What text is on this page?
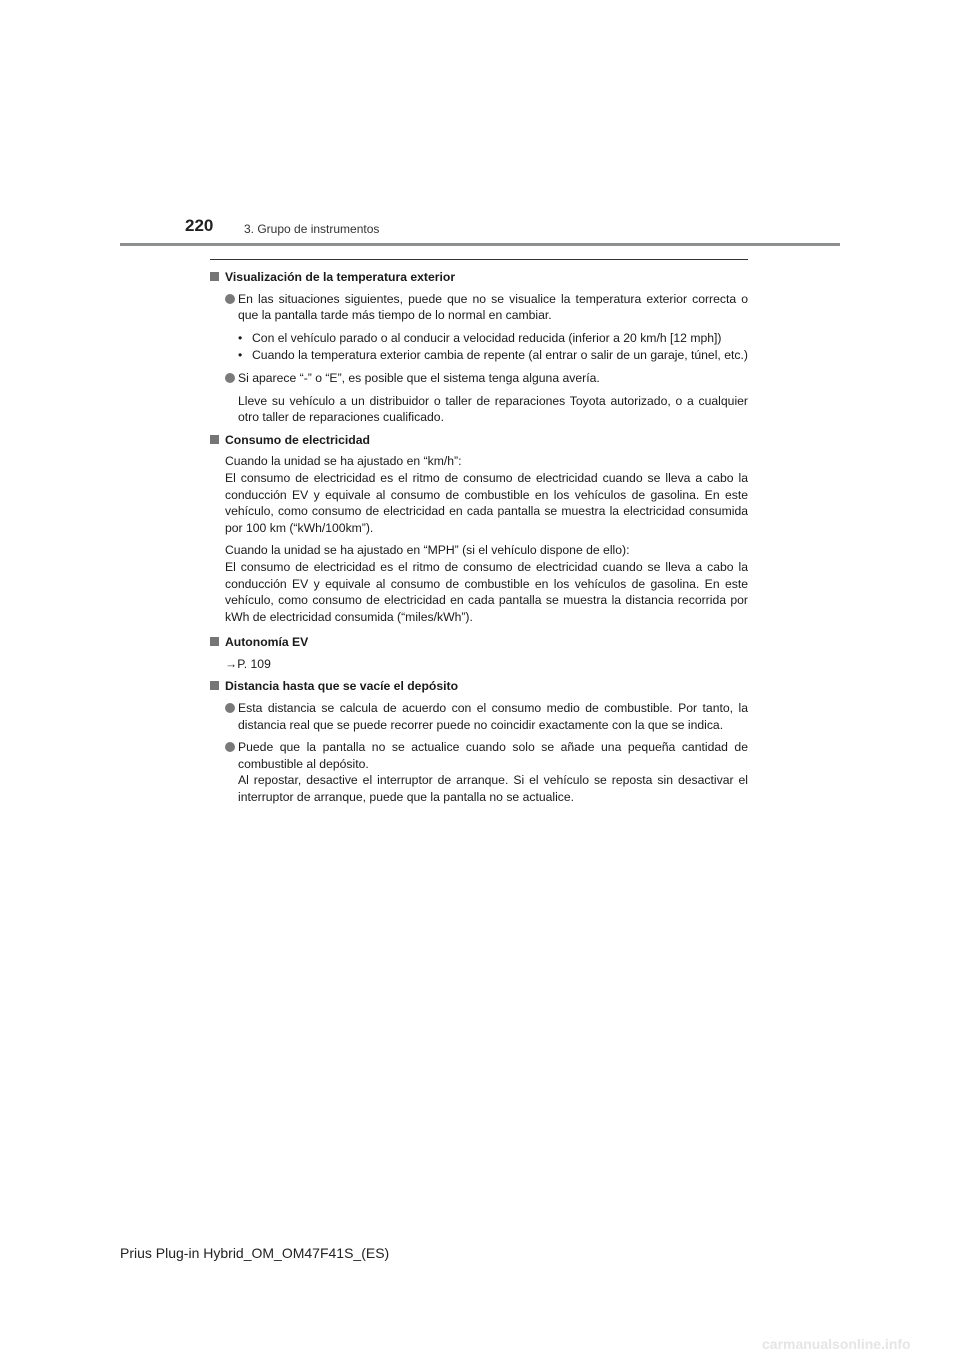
220	3. Grupo de instrumentos
Visualización de la temperatura exterior
En las situaciones siguientes, puede que no se visualice la temperatura exterior correcta o que la pantalla tarde más tiempo de lo normal en cambiar.
• Con el vehículo parado o al conducir a velocidad reducida (inferior a 20 km/h [12 mph])
• Cuando la temperatura exterior cambia de repente (al entrar o salir de un garaje, túnel, etc.)
Si aparece “-” o “E”, es posible que el sistema tenga alguna avería.
Lleve su vehículo a un distribuidor o taller de reparaciones Toyota autorizado, o a cualquier otro taller de reparaciones cualificado.
Consumo de electricidad
Cuando la unidad se ha ajustado en “km/h”:
El consumo de electricidad es el ritmo de consumo de electricidad cuando se lleva a cabo la conducción EV y equivale al consumo de combustible en los vehículos de gasolina. En este vehículo, como consumo de electricidad en cada pantalla se muestra la electricidad consumida por 100 km (“kWh/100km”).
Cuando la unidad se ha ajustado en “MPH” (si el vehículo dispone de ello):
El consumo de electricidad es el ritmo de consumo de electricidad cuando se lleva a cabo la conducción EV y equivale al consumo de combustible en los vehículos de gasolina. En este vehículo, como consumo de electricidad en cada pantalla se muestra la distancia recorrida por kWh de electricidad consumida (“miles/kWh”).
Autonomía EV
→P. 109
Distancia hasta que se vacíe el depósito
Esta distancia se calcula de acuerdo con el consumo medio de combustible. Por tanto, la distancia real que se puede recorrer puede no coincidir exactamente con la que se indica.
Puede que la pantalla no se actualice cuando solo se añade una pequeña cantidad de combustible al depósito.
Al repostar, desactive el interruptor de arranque. Si el vehículo se reposta sin desactivar el interruptor de arranque, puede que la pantalla no se actualice.
Prius Plug-in Hybrid_OM_OM47F41S_(ES)
carmanualsonline.info
